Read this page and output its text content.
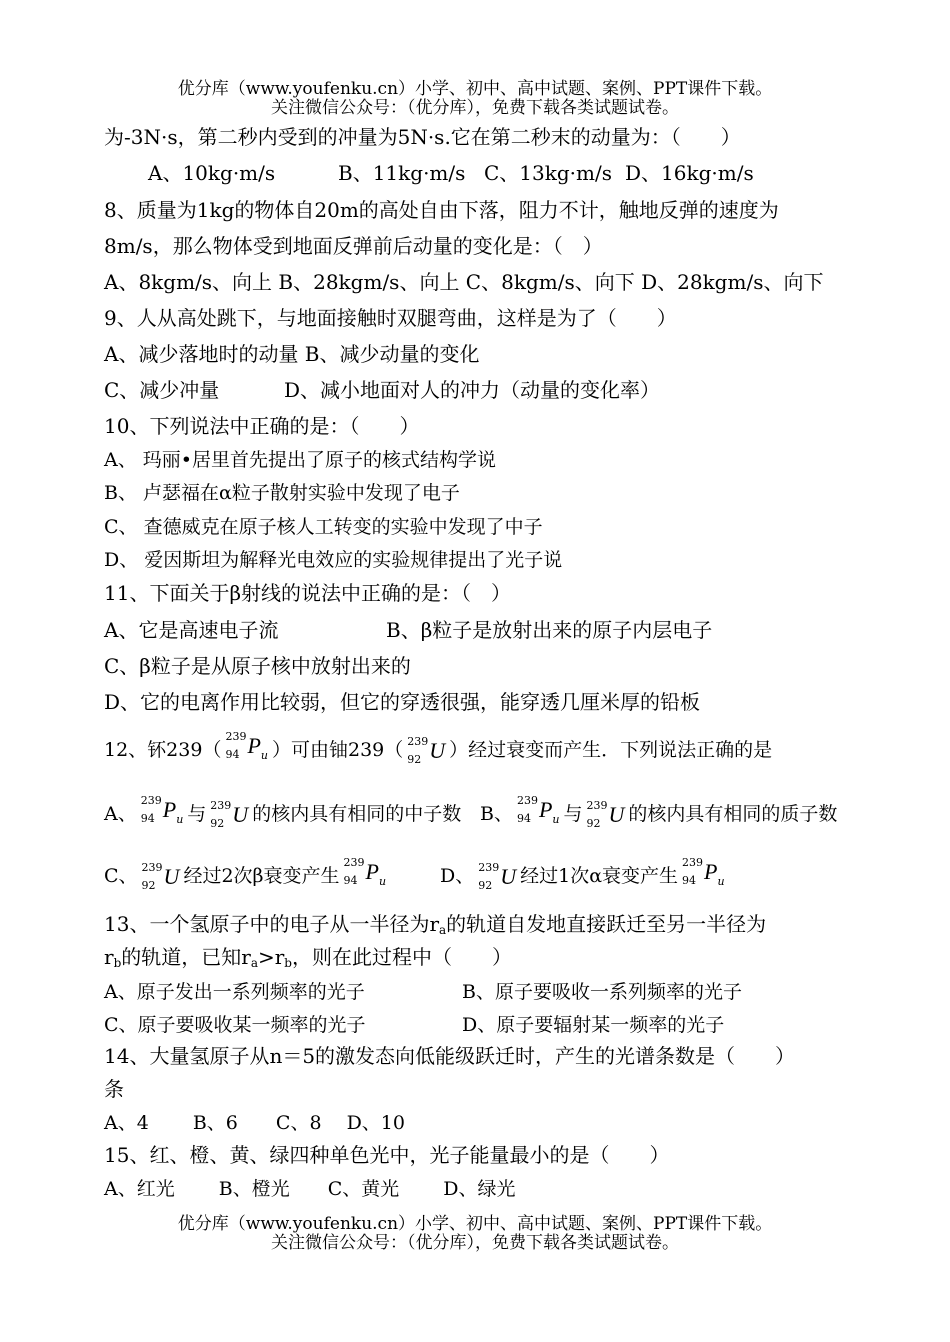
优分库（www.youfenku.cn）小学、初中、高中试题、案例、PPT课件下载。
关注微信公众号：（优分库），免费下载各类试题试卷。
为-3N·s，第二秒内受到的冲量为5N·s.它在第二秒末的动量为：（　　）
A、10kg·m/s	B、11kg·m/s C、13kg·m/s D、16kg·m/s
8、质量为1kg的物体自20m的高处自由下落，阻力不计，触地反弹的速度为
8m/s，那么物体受到地面反弹前后动量的变化是：（　）
A、8kgm/s、向上 B、28kgm/s、向上 C、8kgm/s、向下 D、28kgm/s、向下
9、人从高处跳下，与地面接触时双腿弯曲，这样是为了（　　）
A、减少落地时的动量 B、减少动量的变化
C、减少冲量	D、减小地面对人的冲力（动量的变化率）
10、下列说法中正确的是：（　　）
A、 玛丽•居里首先提出了原子的核式结构学说
B、 卢瑟福在α粒子散射实验中发现了电子
C、 查德威克在原子核人工转变的实验中发现了中子
D、 爱因斯坦为解释光电效应的实验规律提出了光子说
11、下面关于β射线的说法中正确的是：（　）
A、它是高速电子流	B、β粒子是放射出来的原子内层电子
C、β粒子是从原子核中放射出来的
D、它的电离作用比较弱，但它的穿透很强，能穿透几厘米厚的铅板
12、钚239（
239
94 $P_u$ ）可由铀239（ 239
92 U ）经过衰变而产生．下列说法正确的是
A、
239
94 $P_u$ 与 239
92 U 的核内具有相同的中子数 B、
239
94 $P_u$ 与 239
92 U 的核内具有相同的质子数
C、 239
92 U 经过2次β衰变产生
239
94 $P_u$	D、 239
92 U 经过1次α衰变产生
239
94 $P_u$
13、一个氢原子中的电子从一半径为$r_a$的轨道自发地直接跃迁至另一半径为
$r_b$的轨道，已知$r_a>r_b$，则在此过程中（　　）
A、原子发出一系列频率的光子	B、原子要吸收一系列频率的光子
C、原子要吸收某一频率的光子	D、原子要辐射某一频率的光子
14、大量氢原子从n＝5的激发态向低能级跃迁时，产生的光谱条数是（　　）
条
A、4　　 B、6　　C、8　 D、10
15、红、橙、黄、绿四种单色光中，光子能量最小的是（　　）
A、红光　　 B、橙光　　C、黄光　　 D、绿光
优分库（www.youfenku.cn）小学、初中、高中试题、案例、PPT课件下载。
关注微信公众号：（优分库），免费下载各类试题试卷。
